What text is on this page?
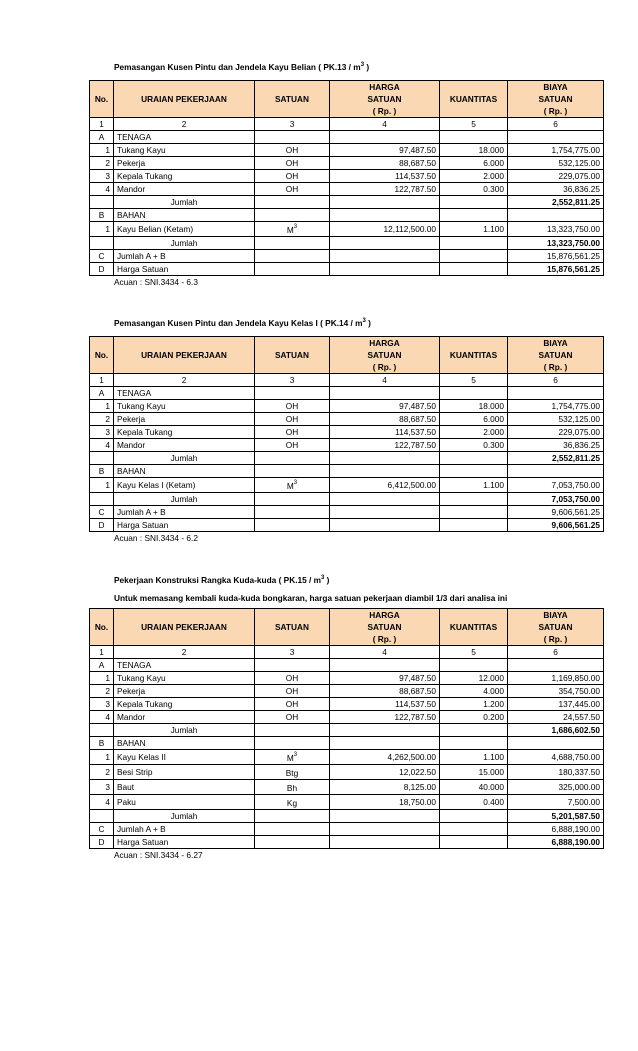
Pemasangan Kusen Pintu dan Jendela Kayu Belian ( $PK.13 / m^3$ )
No.	URAIAN PEKERJAAN	SATUAN	HARGA	KUANTITAS	BIAYA
			SATUAN		SATUAN
			( Rp. )		( Rp. )
1	2	3	4	5	6
A	TENAGA				
1	Tukang Kayu	OH	97,487.50	18.000	1,754,775.00
2	Pekerja	OH	88,687.50	6.000	532,125.00
3	Kepala Tukang	OH	114,537.50	2.000	229,075.00
4	Mandor	OH	122,787.50	0.300	36,836.25
	Jumlah				2,552,811.25
B	BAHAN				
1	Kayu Belian (Ketam)	$M^3$	12,112,500.00	1.100	13,323,750.00
	Jumlah				13,323,750.00
C	Jumlah A + B				15,876,561.25
D	Harga Satuan				15,876,561.25
Acuan : SNI.3434 - 6.3
Pemasangan Kusen Pintu dan Jendela Kayu Kelas I ( $PK.14 / m^3$ )
No.	URAIAN PEKERJAAN	SATUAN	HARGA	KUANTITAS	BIAYA
			SATUAN		SATUAN
			( Rp. )		( Rp. )
1	2	3	4	5	6
A	TENAGA				
1	Tukang Kayu	OH	97,487.50	18.000	1,754,775.00
2	Pekerja	OH	88,687.50	6.000	532,125.00
3	Kepala Tukang	OH	114,537.50	2.000	229,075.00
4	Mandor	OH	122,787.50	0.300	36,836.25
	Jumlah				2,552,811.25
B	BAHAN				
1	Kayu Kelas I (Ketam)	$M^3$	6,412,500.00	1.100	7,053,750.00
	Jumlah				7,053,750.00
C	Jumlah A + B				9,606,561.25
D	Harga Satuan				9,606,561.25
Acuan : SNI.3434 - 6.2
Pekerjaan Konstruksi Rangka Kuda-kuda ( $PK.15 / m^3$ )
Untuk memasang kembali kuda-kuda bongkaran, harga satuan pekerjaan diambil 1/3 dari analisa ini
No.	URAIAN PEKERJAAN	SATUAN	HARGA	KUANTITAS	BIAYA
			SATUAN		SATUAN
			( Rp. )		( Rp. )
1	2	3	4	5	6
A	TENAGA				
1	Tukang Kayu	OH	97,487.50	12.000	1,169,850.00
2	Pekerja	OH	88,687.50	4.000	354,750.00
3	Kepala Tukang	OH	114,537.50	1.200	137,445.00
4	Mandor	OH	122,787.50	0.200	24,557.50
	Jumlah				1,686,602.50
B	BAHAN				
1	Kayu Kelas II	$M^3$	4,262,500.00	1.100	4,688,750.00
2	Besi Strip	Btg	12,022.50	15.000	180,337.50
3	Baut	Bh	8,125.00	40.000	325,000.00
4	Paku	Kg	18,750.00	0.400	7,500.00
	Jumlah				5,201,587.50
C	Jumlah A + B				6,888,190.00
D	Harga Satuan				6,888,190.00
Acuan : SNI.3434 - 6.27
